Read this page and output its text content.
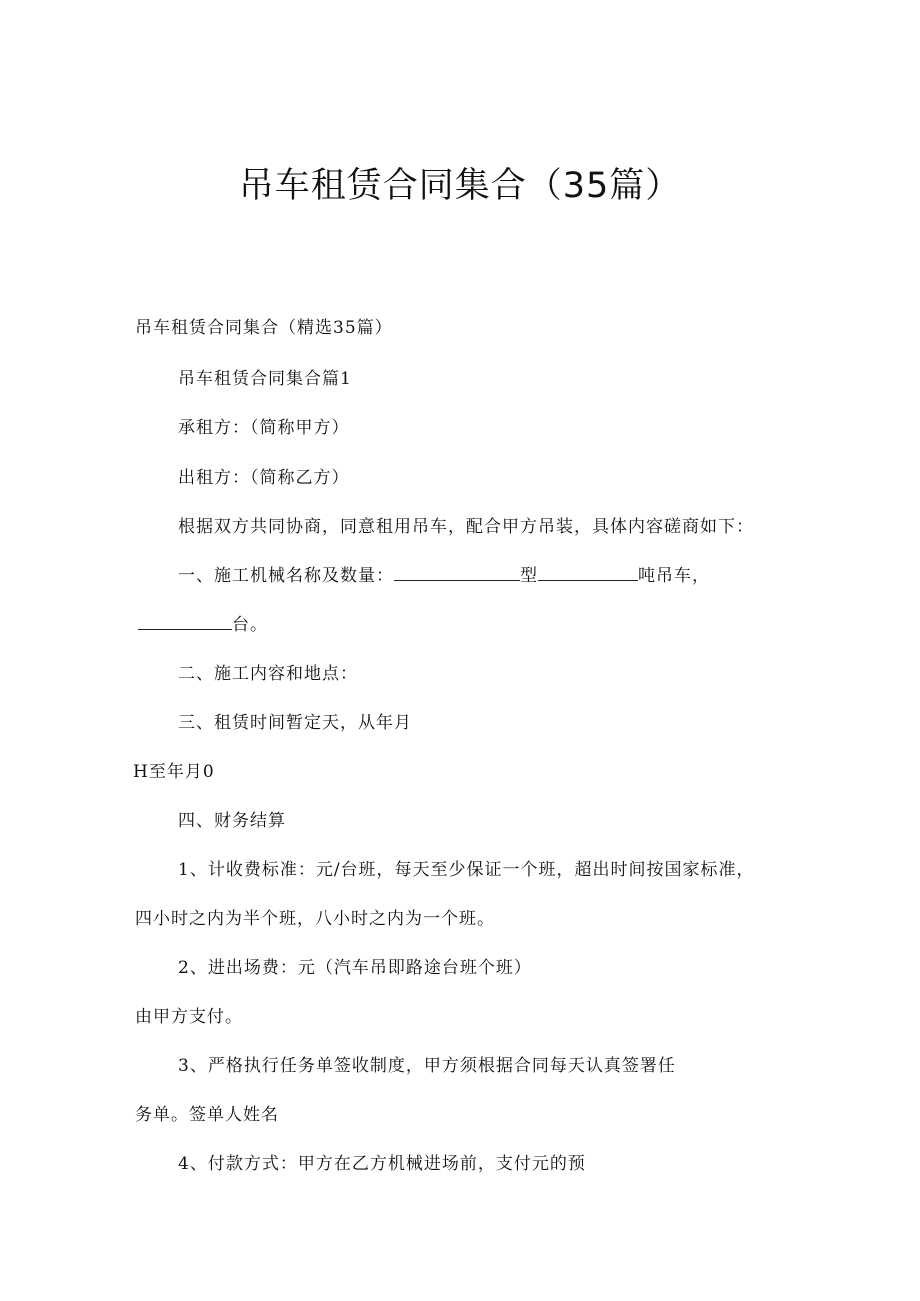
吊车租赁合同集合（35篇）

吊车租赁合同集合（精选35篇）

吊车租赁合同集合篇1

承租方：（简称甲方）

出租方：（简称乙方）

根据双方共同协商，同意租用吊车，配合甲方吊装，具体内容磋商如下：

一、施工机械名称及数量：	型	吨吊车，

台。

二、施工内容和地点：

三、租赁时间暂定天，从年月

H至年月0

四、财务结算

1、计收费标准：元/台班，每天至少保证一个班，超出时间按国家标准，

四小时之内为半个班，八小时之内为一个班。

2、进出场费：元（汽车吊即路途台班个班）

由甲方支付。

3、严格执行任务单签收制度，甲方须根据合同每天认真签署任

务单。签单人姓名

4、付款方式：甲方在乙方机械进场前，支付元的预
